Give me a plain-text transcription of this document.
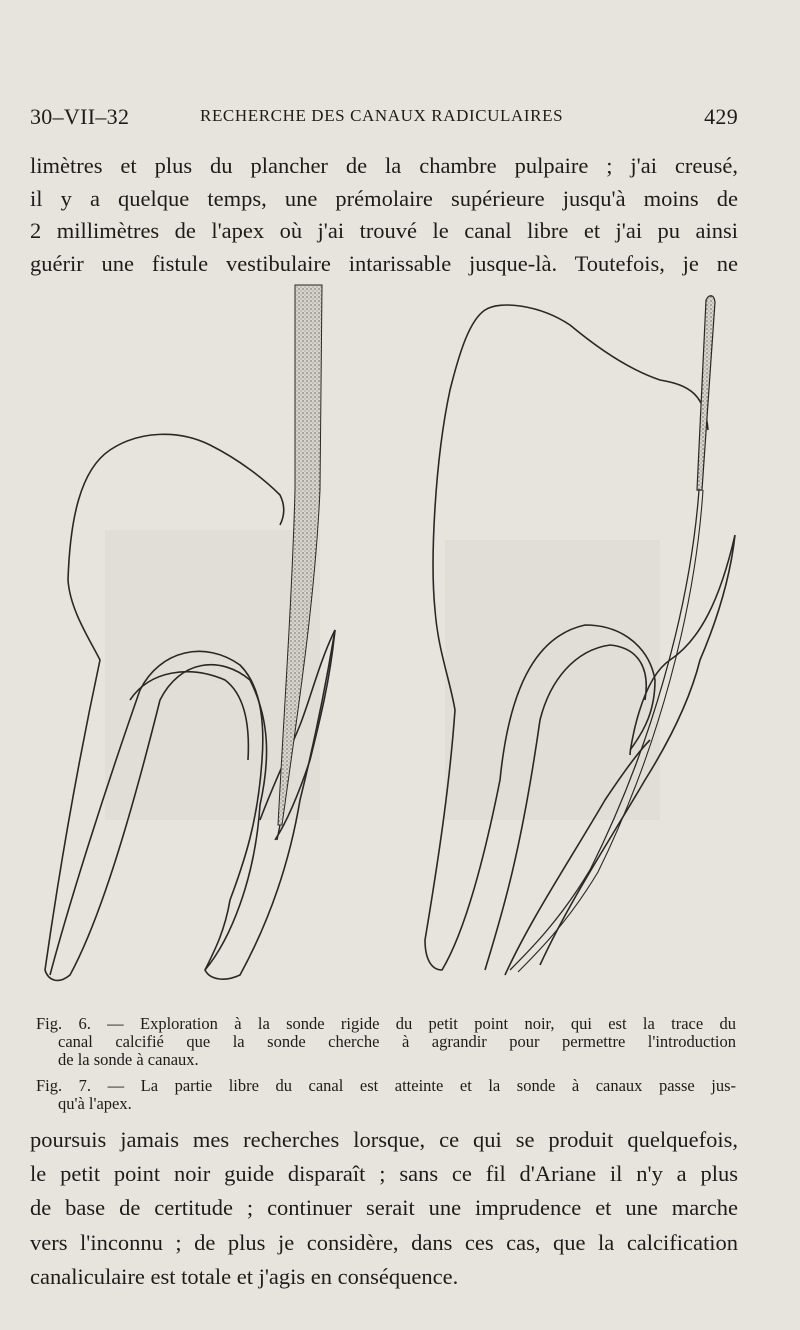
30–VII–32	RECHERCHE DES CANAUX RADICULAIRES	429
limètres et plus du plancher de la chambre pulpaire ; j'ai creusé,
il y a quelque temps, une prémolaire supérieure jusqu'à moins de
2 millimètres de l'apex où j'ai trouvé le canal libre et j'ai pu ainsi
guérir une fistule vestibulaire intarissable jusque-là. Toutefois, je ne
Fig. 6. — Exploration à la sonde rigide du petit point noir, qui est la trace du
canal calcifié que la sonde cherche à agrandir pour permettre l'introduction
de la sonde à canaux.
Fig. 7. — La partie libre du canal est atteinte et la sonde à canaux passe jus-
qu'à l'apex.
poursuis jamais mes recherches lorsque, ce qui se produit quelquefois,
le petit point noir guide disparaît ; sans ce fil d'Ariane il n'y a plus
de base de certitude ; continuer serait une imprudence et une marche
vers l'inconnu ; de plus je considère, dans ces cas, que la calcification
canaliculaire est totale et j'agis en conséquence.
